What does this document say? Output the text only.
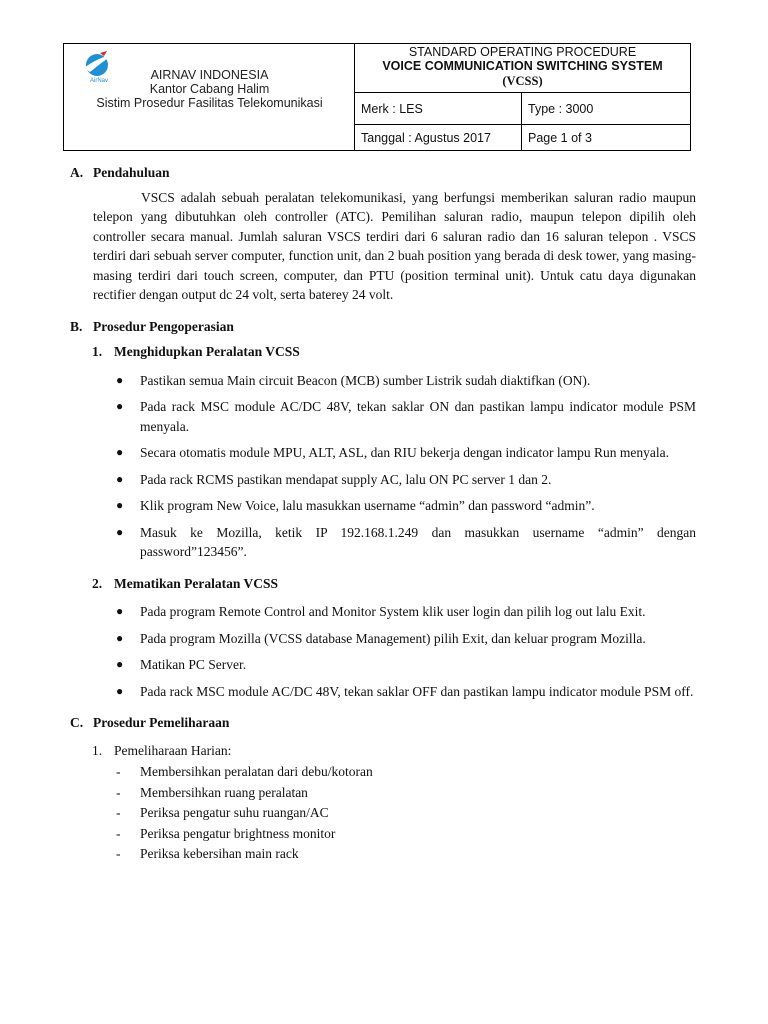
AirNav	AIRNAV INDONESIA
Kantor Cabang Halim
Sistim Prosedur Fasilitas Telekomunikasi
STANDARD OPERATING PROCEDURE
VOICE COMMUNICATION SWITCHING SYSTEM
(VCSS)
Merk : LES	Type : 3000
Tanggal : Agustus 2017	Page 1 of 3

A. Pendahuluan

VSCS adalah sebuah peralatan telekomunikasi, yang berfungsi memberikan saluran radio maupun telepon yang dibutuhkan oleh controller (ATC). Pemilihan saluran radio, maupun telepon dipilih oleh controller secara manual. Jumlah saluran VSCS terdiri dari 6 saluran radio dan 16 saluran telepon . VSCS terdiri dari sebuah server computer, function unit, dan 2 buah position yang berada di desk tower, yang masing-masing terdiri dari touch screen, computer, dan PTU (position terminal unit). Untuk catu daya digunakan rectifier dengan output dc 24 volt, serta baterey 24 volt.

B. Prosedur Pengoperasian

1. Menghidupkan Peralatan VCSS

● Pastikan semua Main circuit Beacon (MCB) sumber Listrik sudah diaktifkan (ON).
● Pada rack MSC module AC/DC 48V, tekan saklar ON dan pastikan lampu indicator module PSM menyala.
● Secara otomatis module MPU, ALT, ASL, dan RIU bekerja dengan indicator lampu Run menyala.
● Pada rack RCMS pastikan mendapat supply AC, lalu ON PC server 1 dan 2.
● Klik program New Voice, lalu masukkan username “admin” dan password “admin”.
● Masuk ke Mozilla, ketik IP 192.168.1.249 dan masukkan username “admin” dengan password”123456”.

2. Mematikan Peralatan VCSS

● Pada program Remote Control and Monitor System klik user login dan pilih log out lalu Exit.
● Pada program Mozilla (VCSS database Management) pilih Exit, dan keluar program Mozilla.
● Matikan PC Server.
● Pada rack MSC module AC/DC 48V, tekan saklar OFF dan pastikan lampu indicator module PSM off.

C. Prosedur Pemeliharaan

1. Pemeliharaan Harian:

- Membersihkan peralatan dari debu/kotoran
- Membersihkan ruang peralatan
- Periksa pengatur suhu ruangan/AC
- Periksa pengatur brightness monitor
- Periksa kebersihan main rack
